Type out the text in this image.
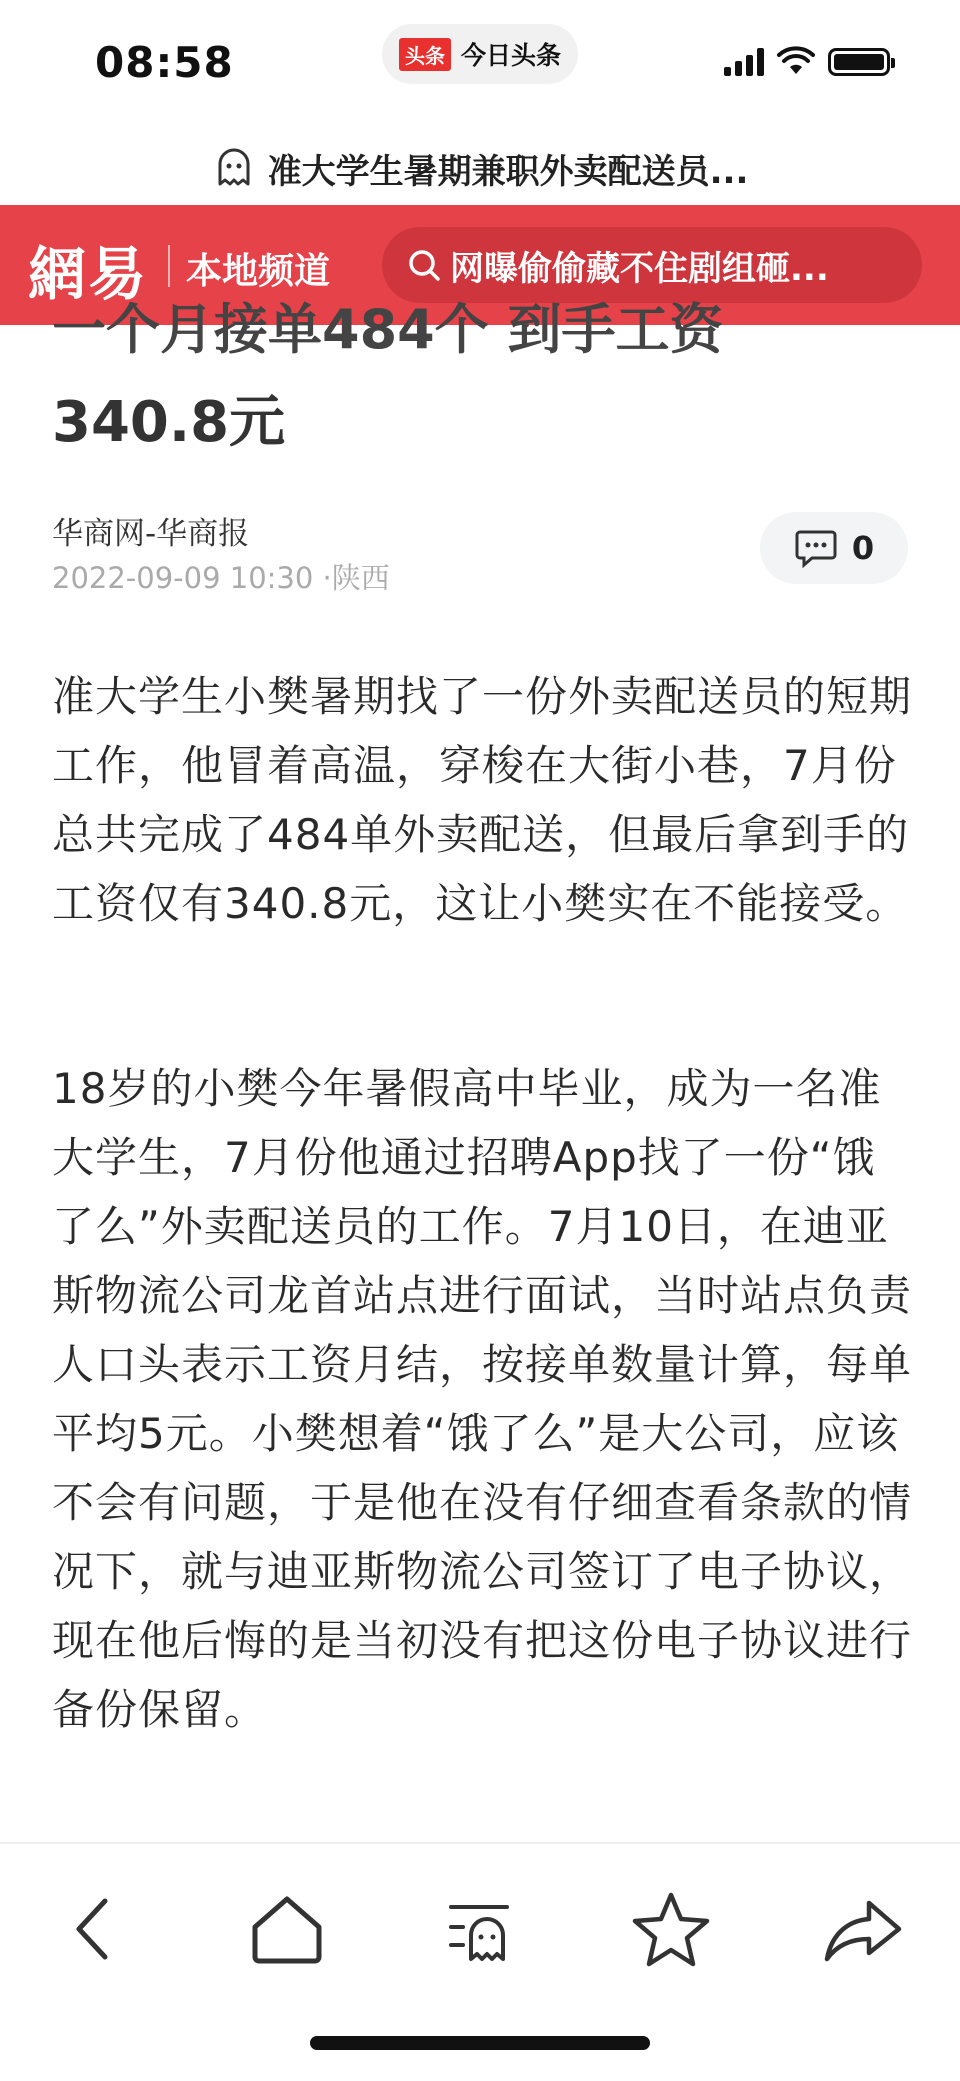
08:58	头条 今日头条
准大学生暑期兼职外卖配送员...
網易 本地频道	网曝偷偷藏不住剧组砸...
一个月接单484个 到手工资
340.8元
华商网-华商报
2022-09-09 10:30 ·陕西
0
准大学生小樊暑期找了一份外卖配送员的短期工作，他冒着高温，穿梭在大街小巷，7月份总共完成了484单外卖配送，但最后拿到手的工资仅有340.8元，这让小樊实在不能接受。
18岁的小樊今年暑假高中毕业，成为一名准大学生，7月份他通过招聘App找了一份“饿了么”外卖配送员的工作。7月10日，在迪亚斯物流公司龙首站点进行面试，当时站点负责人口头表示工资月结，按接单数量计算，每单平均5元。小樊想着“饿了么”是大公司，应该不会有问题，于是他在没有仔细查看条款的情况下，就与迪亚斯物流公司签订了电子协议，现在他后悔的是当初没有把这份电子协议进行备份保留。
